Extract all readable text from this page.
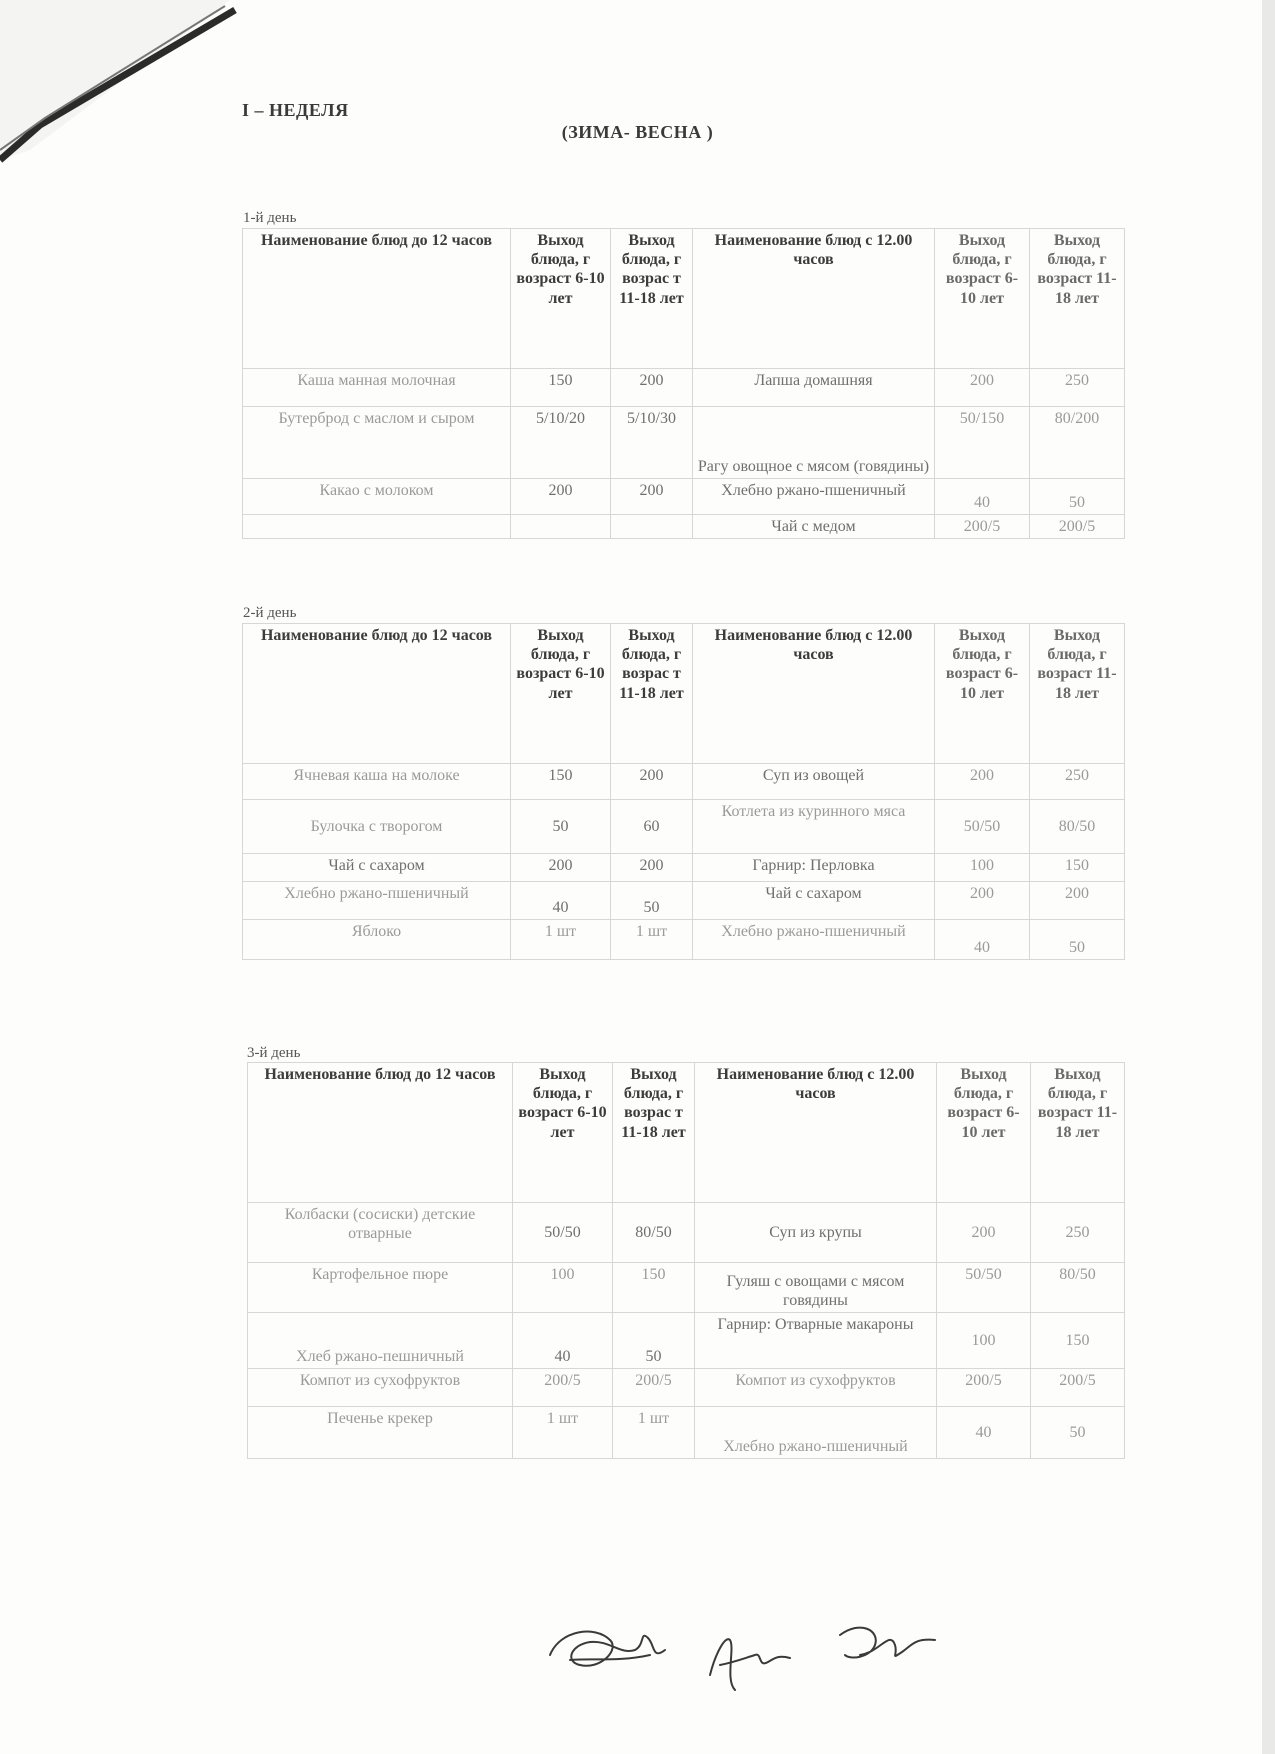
I – НЕДЕЛЯ
(ЗИМА- ВЕСНА )
1-й день
Наименование блюд до 12 часов	Выход блюда, г возраст 6-10 лет	Выход блюда, г возрас т 11-18 лет	Наименование блюд с 12.00 часов	Выход блюда, г возраст 6-10 лет	Выход блюда, г возраст 11-18 лет
Каша манная молочная	150	200	Лапша домашняя	200	250
Бутерброд с маслом и сыром	5/10/20	5/10/30	Рагу овощное с мясом (говядины)	50/150	80/200
Какао с молоком	200	200	Хлебно ржано-пшеничный	40	50
			Чай с медом	200/5	200/5
2-й день
Наименование блюд до 12 часов	Выход блюда, г возраст 6-10 лет	Выход блюда, г возрас т 11-18 лет	Наименование блюд с 12.00 часов	Выход блюда, г возраст 6-10 лет	Выход блюда, г возраст 11-18 лет
Ячневая каша на молоке	150	200	Суп из овощей	200	250
Булочка с творогом	50	60	Котлета из куринного мяса	50/50	80/50
Чай с сахаром	200	200	Гарнир: Перловка	100	150
Хлебно ржано-пшеничный	40	50	Чай с сахаром	200	200
Яблоко	1 шт	1 шт	Хлебно ржано-пшеничный	40	50
3-й день
Наименование блюд до 12 часов	Выход блюда, г возраст 6-10 лет	Выход блюда, г возрас т 11-18 лет	Наименование блюд с 12.00 часов	Выход блюда, г возраст 6-10 лет	Выход блюда, г возраст 11-18 лет
Колбаски (сосиски) детские отварные	50/50	80/50	Суп из крупы	200	250
Картофельное пюре	100	150	Гуляш с овощами с мясом говядины	50/50	80/50
Хлеб ржано-пешничный	40	50	Гарнир: Отварные макароны	100	150
Компот из сухофруктов	200/5	200/5	Компот из сухофруктов	200/5	200/5
Печенье крекер	1 шт	1 шт	Хлебно ржано-пшеничный	40	50
